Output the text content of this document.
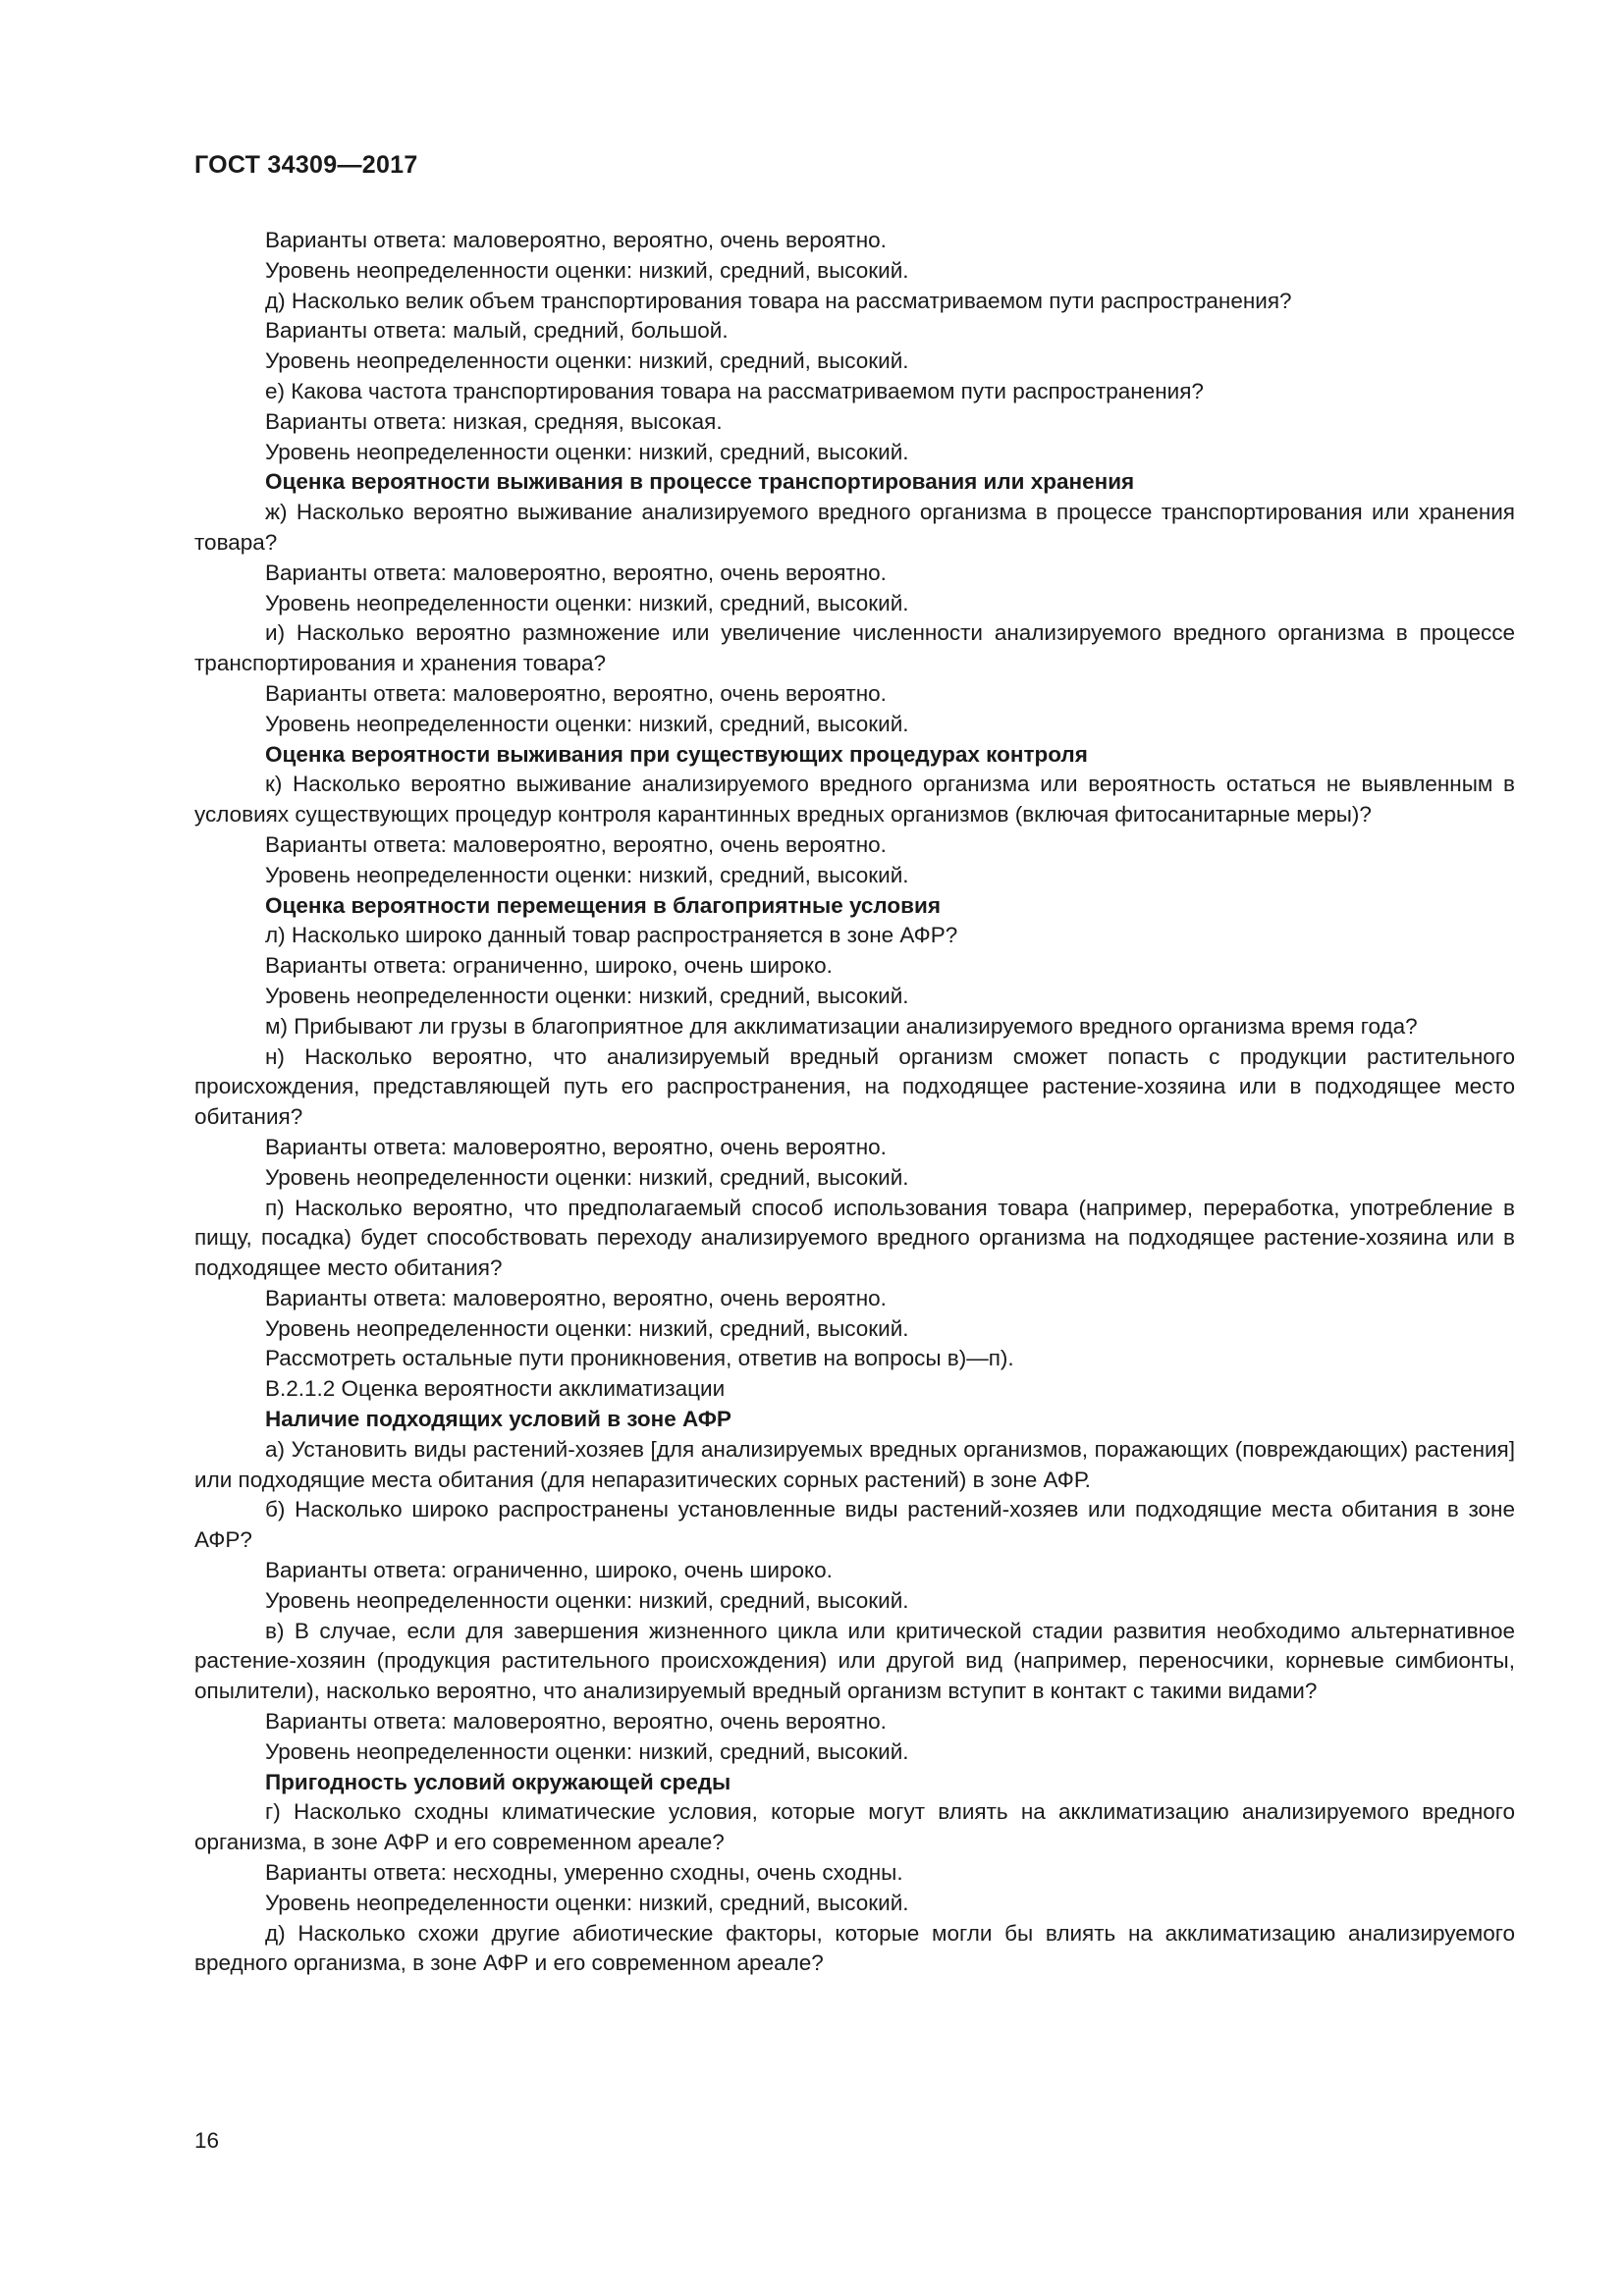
ГОСТ 34309—2017

Варианты ответа: маловероятно, вероятно, очень вероятно.

Уровень неопределенности оценки: низкий, средний, высокий.

д) Насколько велик объем транспортирования товара на рассматриваемом пути распространения?

Варианты ответа: малый, средний, большой.

Уровень неопределенности оценки: низкий, средний, высокий.

е) Какова частота транспортирования товара на рассматриваемом пути распространения?

Варианты ответа: низкая, средняя, высокая.

Уровень неопределенности оценки: низкий, средний, высокий.

Оценка вероятности выживания в процессе транспортирования или хранения

ж) Насколько вероятно выживание анализируемого вредного организма в процессе транспортирования или хранения товара?

Варианты ответа: маловероятно, вероятно, очень вероятно.

Уровень неопределенности оценки: низкий, средний, высокий.

и) Насколько вероятно размножение или увеличение численности анализируемого вредного организма в процессе транспортирования и хранения товара?

Варианты ответа: маловероятно, вероятно, очень вероятно.

Уровень неопределенности оценки: низкий, средний, высокий.

Оценка вероятности выживания при существующих процедурах контроля

к) Насколько вероятно выживание анализируемого вредного организма или вероятность остаться не выявленным в условиях существующих процедур контроля карантинных вредных организмов (включая фитосанитарные меры)?

Варианты ответа: маловероятно, вероятно, очень вероятно.

Уровень неопределенности оценки: низкий, средний, высокий.

Оценка вероятности перемещения в благоприятные условия

л) Насколько широко данный товар распространяется в зоне АФР?

Варианты ответа: ограниченно, широко, очень широко.

Уровень неопределенности оценки: низкий, средний, высокий.

м) Прибывают ли грузы в благоприятное для акклиматизации анализируемого вредного организма время года?

н) Насколько вероятно, что анализируемый вредный организм сможет попасть с продукции растительного происхождения, представляющей путь его распространения, на подходящее растение-хозяина или в подходящее место обитания?

Варианты ответа: маловероятно, вероятно, очень вероятно.

Уровень неопределенности оценки: низкий, средний, высокий.

п) Насколько вероятно, что предполагаемый способ использования товара (например, переработка, употребление в пищу, посадка) будет способствовать переходу анализируемого вредного организма на подходящее растение-хозяина или в подходящее место обитания?

Варианты ответа: маловероятно, вероятно, очень вероятно.

Уровень неопределенности оценки: низкий, средний, высокий.

Рассмотреть остальные пути проникновения, ответив на вопросы в)—п).

В.2.1.2 Оценка вероятности акклиматизации

Наличие подходящих условий в зоне АФР

а) Установить виды растений-хозяев [для анализируемых вредных организмов, поражающих (повреждающих) растения] или подходящие места обитания (для непаразитических сорных растений) в зоне АФР.

б) Насколько широко распространены установленные виды растений-хозяев или подходящие места обитания в зоне АФР?

Варианты ответа: ограниченно, широко, очень широко.

Уровень неопределенности оценки: низкий, средний, высокий.

в) В случае, если для завершения жизненного цикла или критической стадии развития необходимо альтернативное растение-хозяин (продукция растительного происхождения) или другой вид (например, переносчики, корневые симбионты, опылители), насколько вероятно, что анализируемый вредный организм вступит в контакт с такими видами?

Варианты ответа: маловероятно, вероятно, очень вероятно.

Уровень неопределенности оценки: низкий, средний, высокий.

Пригодность условий окружающей среды

г) Насколько сходны климатические условия, которые могут влиять на акклиматизацию анализируемого вредного организма, в зоне АФР и его современном ареале?

Варианты ответа: несходны, умеренно сходны, очень сходны.

Уровень неопределенности оценки: низкий, средний, высокий.

д) Насколько схожи другие абиотические факторы, которые могли бы влиять на акклиматизацию анализируемого вредного организма, в зоне АФР и его современном ареале?

16
